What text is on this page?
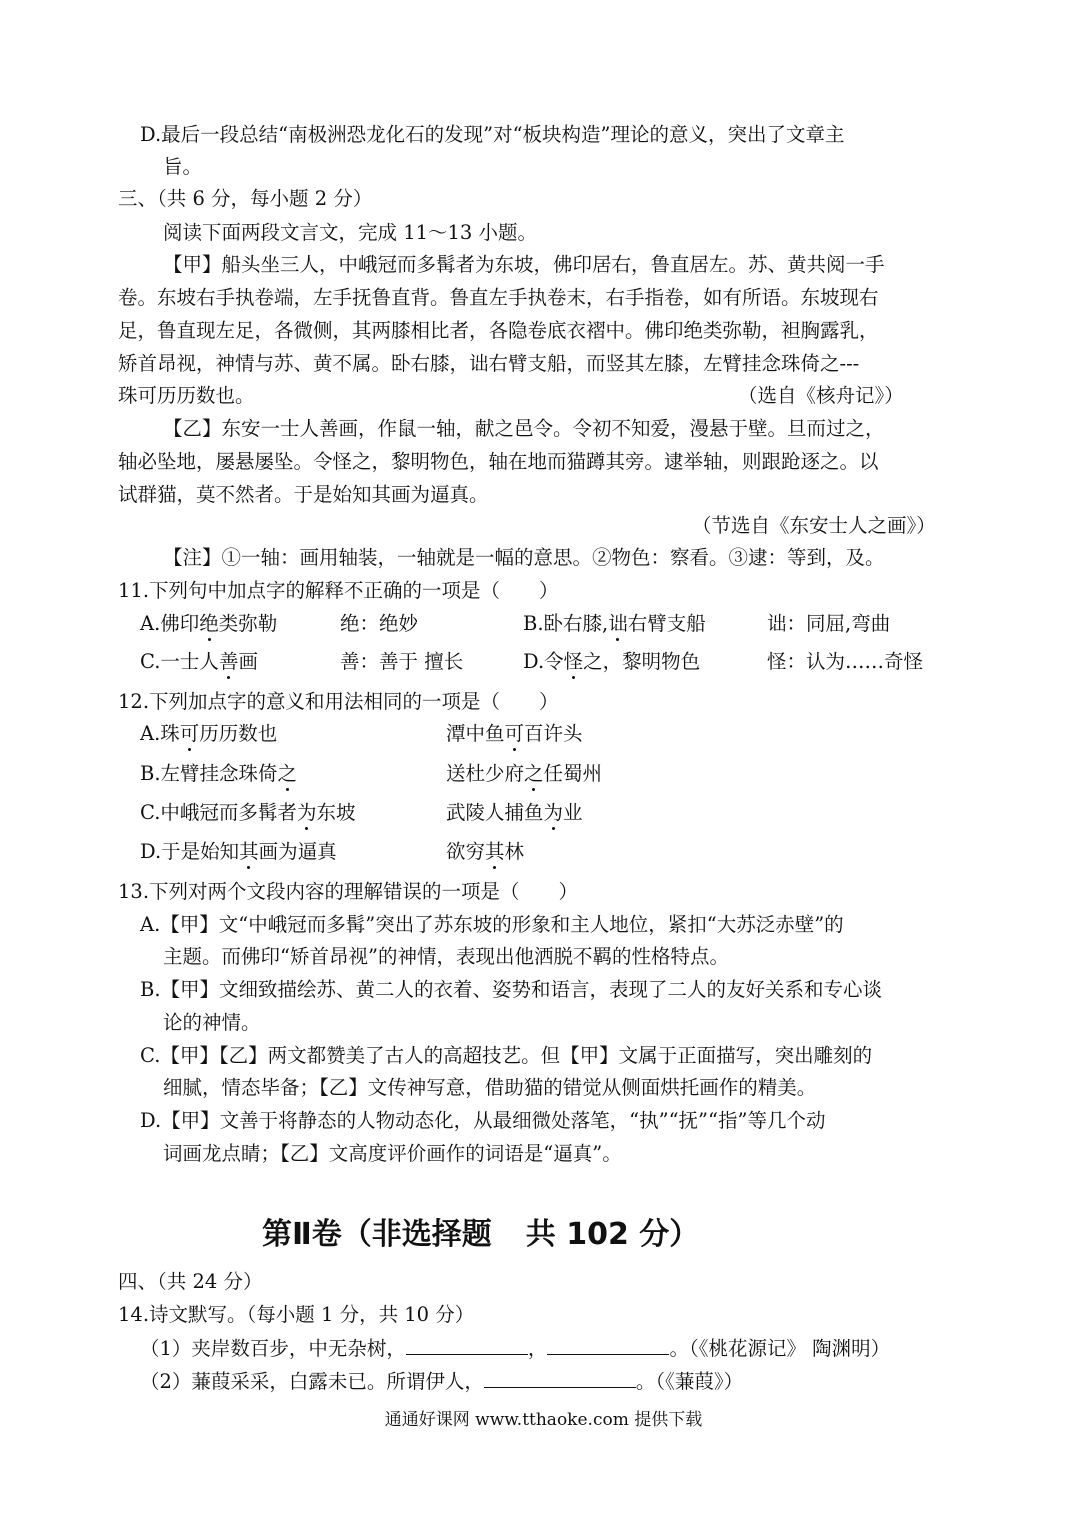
D.最后一段总结“南极洲恐龙化石的发现”对“板块构造”理论的意义，突出了文章主
旨。
三、（共 6 分，每小题 2 分）
阅读下面两段文言文，完成 11～13 小题。
【甲】船头坐三人，中峨冠而多髯者为东坡，佛印居右，鲁直居左。苏、黄共阅一手
卷。东坡右手执卷端，左手抚鲁直背。鲁直左手执卷末，右手指卷，如有所语。东坡现右
足，鲁直现左足，各微侧，其两膝相比者，各隐卷底衣褶中。佛印绝类弥勒，袒胸露乳，
矫首昂视，神情与苏、黄不属。卧右膝，诎右臂支船，而竖其左膝，左臂挂念珠倚之---
珠可历历数也。	（选自《核舟记》）
【乙】东安一士人善画，作鼠一轴，献之邑令。令初不知爱，漫悬于壁。旦而过之，
轴必坠地，屡悬屡坠。令怪之，黎明物色，轴在地而猫蹲其旁。逮举轴，则跟跄逐之。以
试群猫，莫不然者。于是始知其画为逼真。
（节选自《东安士人之画》）
【注】①一轴：画用轴装，一轴就是一幅的意思。②物色：察看。③逮：等到，及。
11.下列句中加点字的解释不正确的一项是（　　）
A.佛印绝类弥勒	绝：绝妙	B.卧右膝,诎右臂支船	诎：同屈,弯曲
C.一士人善画	善：善于 擅长	D.令怪之，黎明物色	怪：认为……奇怪
12.下列加点字的意义和用法相同的一项是（　　）
A.珠可历历数也	潭中鱼可百许头
B.左臂挂念珠倚之	送杜少府之任蜀州
C.中峨冠而多髯者为东坡	武陵人捕鱼为业
D.于是始知其画为逼真	欲穷其林
13.下列对两个文段内容的理解错误的一项是（　　）
A.【甲】文“中峨冠而多髯”突出了苏东坡的形象和主人地位，紧扣“大苏泛赤壁”的
主题。而佛印“矫首昂视”的神情，表现出他洒脱不羁的性格特点。
B.【甲】文细致描绘苏、黄二人的衣着、姿势和语言，表现了二人的友好关系和专心谈
论的神情。
C.【甲】【乙】两文都赞美了古人的高超技艺。但【甲】文属于正面描写，突出雕刻的
细腻，情态毕备；【乙】文传神写意，借助猫的错觉从侧面烘托画作的精美。
D.【甲】文善于将静态的人物动态化，从最细微处落笔，“执”“抚”“指”等几个动
词画龙点睛；【乙】文高度评价画作的词语是“逼真”。
第Ⅱ卷（非选择题 共 102 分）
四、（共 24 分）
14.诗文默写。（每小题 1 分，共 10 分）
（1）夹岸数百步，中无杂树，	，	。（《桃花源记》 陶渊明）
（2）蒹葭采采，白露未已。所谓伊人，	。（《蒹葭》）
通通好课网 www.tthaoke.com 提供下载
